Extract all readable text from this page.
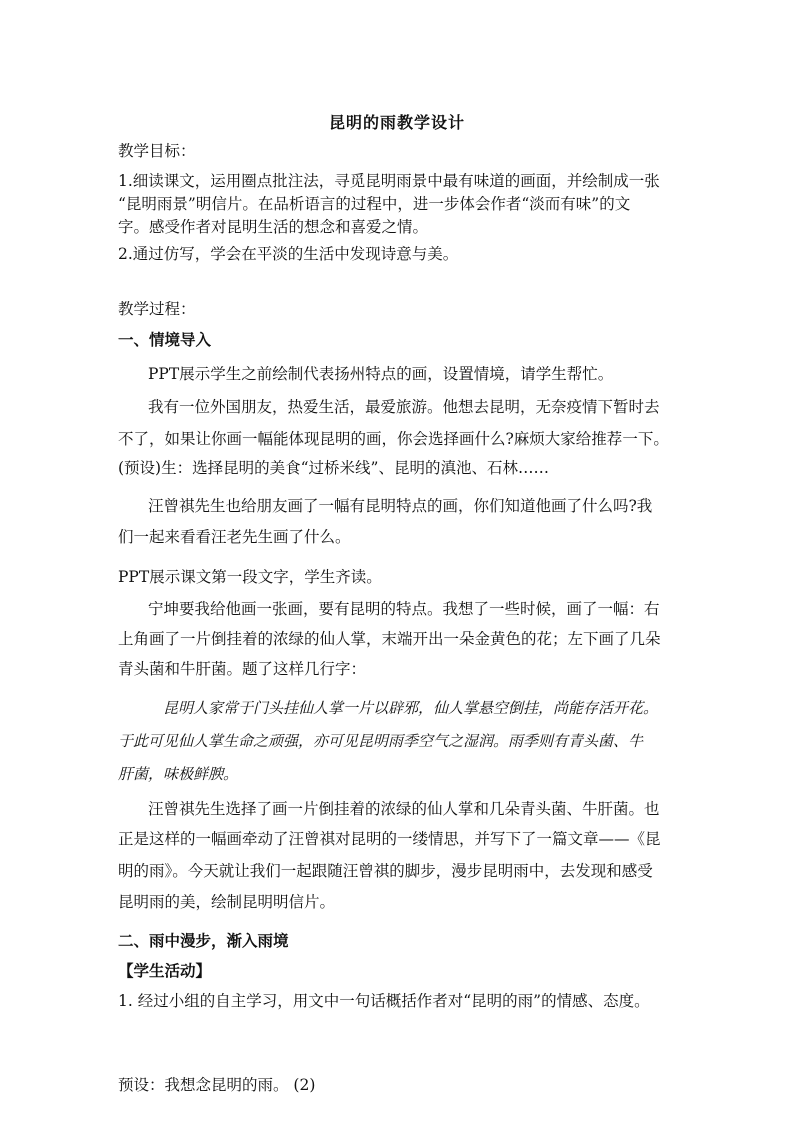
昆明的雨教学设计
教学目标：
1.细读课文，运用圈点批注法，寻觅昆明雨景中最有味道的画面，并绘制成一张
“昆明雨景”明信片。在品析语言的过程中，进一步体会作者“淡而有味”的文
字。感受作者对昆明生活的想念和喜爱之情。
2.通过仿写，学会在平淡的生活中发现诗意与美。
教学过程：
一、情境导入
PPT展示学生之前绘制代表扬州特点的画，设置情境，请学生帮忙。
我有一位外国朋友，热爱生活，最爱旅游。他想去昆明，无奈疫情下暂时去
不了，如果让你画一幅能体现昆明的画，你会选择画什么?麻烦大家给推荐一下。
(预设)生：选择昆明的美食“过桥米线”、昆明的滇池、石林……
汪曾祺先生也给朋友画了一幅有昆明特点的画，你们知道他画了什么吗?我
们一起来看看汪老先生画了什么。
PPT展示课文第一段文字，学生齐读。
宁坤要我给他画一张画，要有昆明的特点。我想了一些时候，画了一幅：右
上角画了一片倒挂着的浓绿的仙人掌，末端开出一朵金黄色的花；左下画了几朵
青头菌和牛肝菌。题了这样几行字：
昆明人家常于门头挂仙人掌一片以辟邪，仙人掌悬空倒挂，尚能存活开花。
于此可见仙人掌生命之顽强，亦可见昆明雨季空气之湿润。雨季则有青头菌、牛
肝菌，味极鲜腴。
汪曾祺先生选择了画一片倒挂着的浓绿的仙人掌和几朵青头菌、牛肝菌。也
正是这样的一幅画牵动了汪曾祺对昆明的一缕情思，并写下了一篇文章——《昆
明的雨》。今天就让我们一起跟随汪曾祺的脚步，漫步昆明雨中，去发现和感受
昆明雨的美，绘制昆明明信片。
二、雨中漫步，渐入雨境
【学生活动】
1. 经过小组的自主学习，用文中一句话概括作者对“昆明的雨”的情感、态度。
预设：我想念昆明的雨。 (2)
